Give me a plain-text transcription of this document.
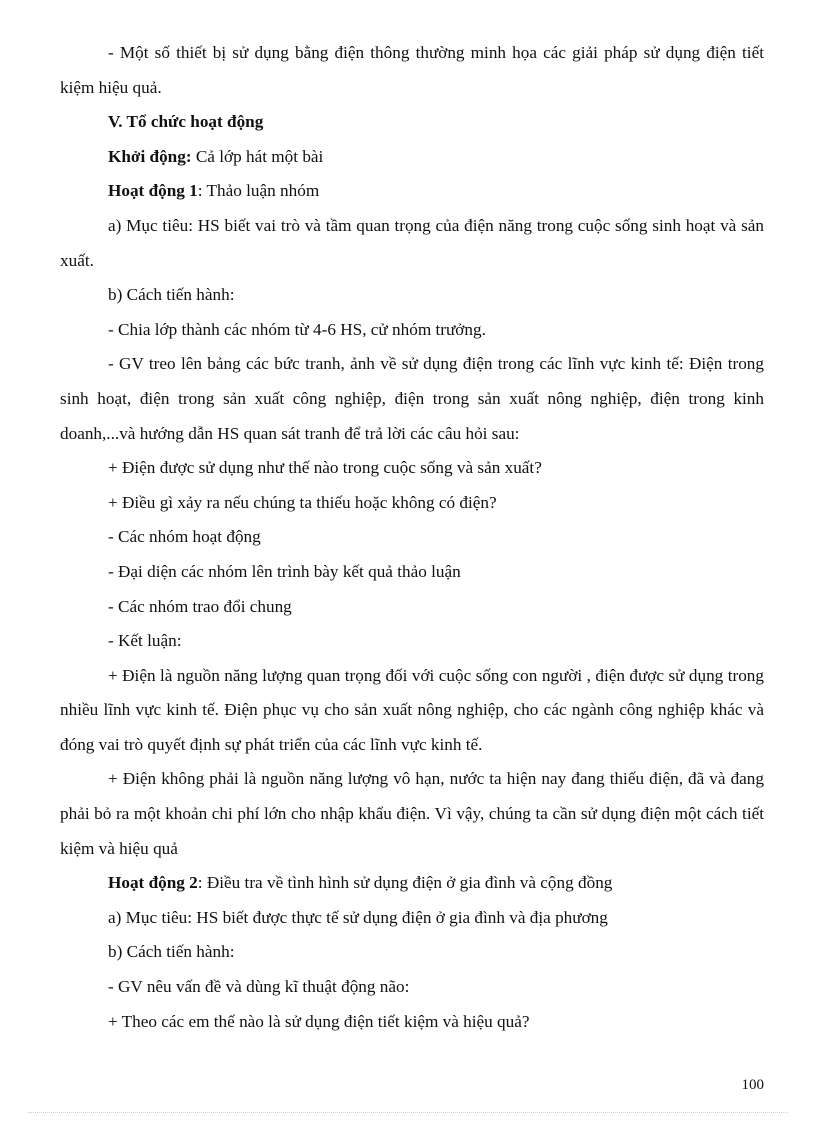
- Một số thiết bị sử dụng bằng điện thông thường minh họa các giải pháp sử dụng điện tiết kiệm hiệu quả.

V. Tổ chức hoạt động

Khởi động: Cả lớp hát một bài

Hoạt động 1: Thảo luận nhóm

a) Mục tiêu: HS biết vai trò và tầm quan trọng của điện năng trong cuộc sống sinh hoạt và sản xuất.

b) Cách tiến hành:

- Chia lớp thành các nhóm từ 4-6 HS, cử nhóm trưởng.

- GV treo lên bảng các bức tranh, ảnh về sử dụng điện trong các lĩnh vực kinh tế: Điện trong sinh hoạt, điện trong sản xuất công nghiệp, điện trong sản xuất nông nghiệp, điện trong kinh doanh,...và hướng dẫn HS quan sát tranh để trả lời các câu hỏi sau:

+ Điện được sử dụng như thế nào trong cuộc sống và sản xuất?

+ Điều gì xảy ra nếu chúng ta thiếu hoặc không có điện?

- Các nhóm hoạt động

- Đại diện các nhóm lên trình bày kết quả thảo luận

- Các nhóm trao đổi chung

- Kết luận:

+ Điện là nguồn năng lượng quan trọng đối với cuộc sống con người , điện được sử dụng trong nhiều lĩnh vực kinh tế. Điện phục vụ cho sản xuất nông nghiệp, cho các ngành công nghiệp khác và đóng vai trò quyết định sự phát triển của các lĩnh vực kinh tế.

+ Điện không phải là nguồn năng lượng vô hạn, nước ta hiện nay đang thiếu điện, đã và đang phải bỏ ra một khoản chi phí lớn cho nhập khẩu điện. Vì vậy, chúng ta cần sử dụng điện một cách tiết kiệm và hiệu quả

Hoạt động 2: Điều tra về tình hình sử dụng điện ở gia đình và cộng đồng

a) Mục tiêu: HS biết được thực tế sử dụng điện ở gia đình và địa phương

b) Cách tiến hành:

- GV nêu vấn đề và dùng kĩ thuật động não:

+ Theo các em thế nào là sử dụng điện tiết kiệm và hiệu quả?

100
